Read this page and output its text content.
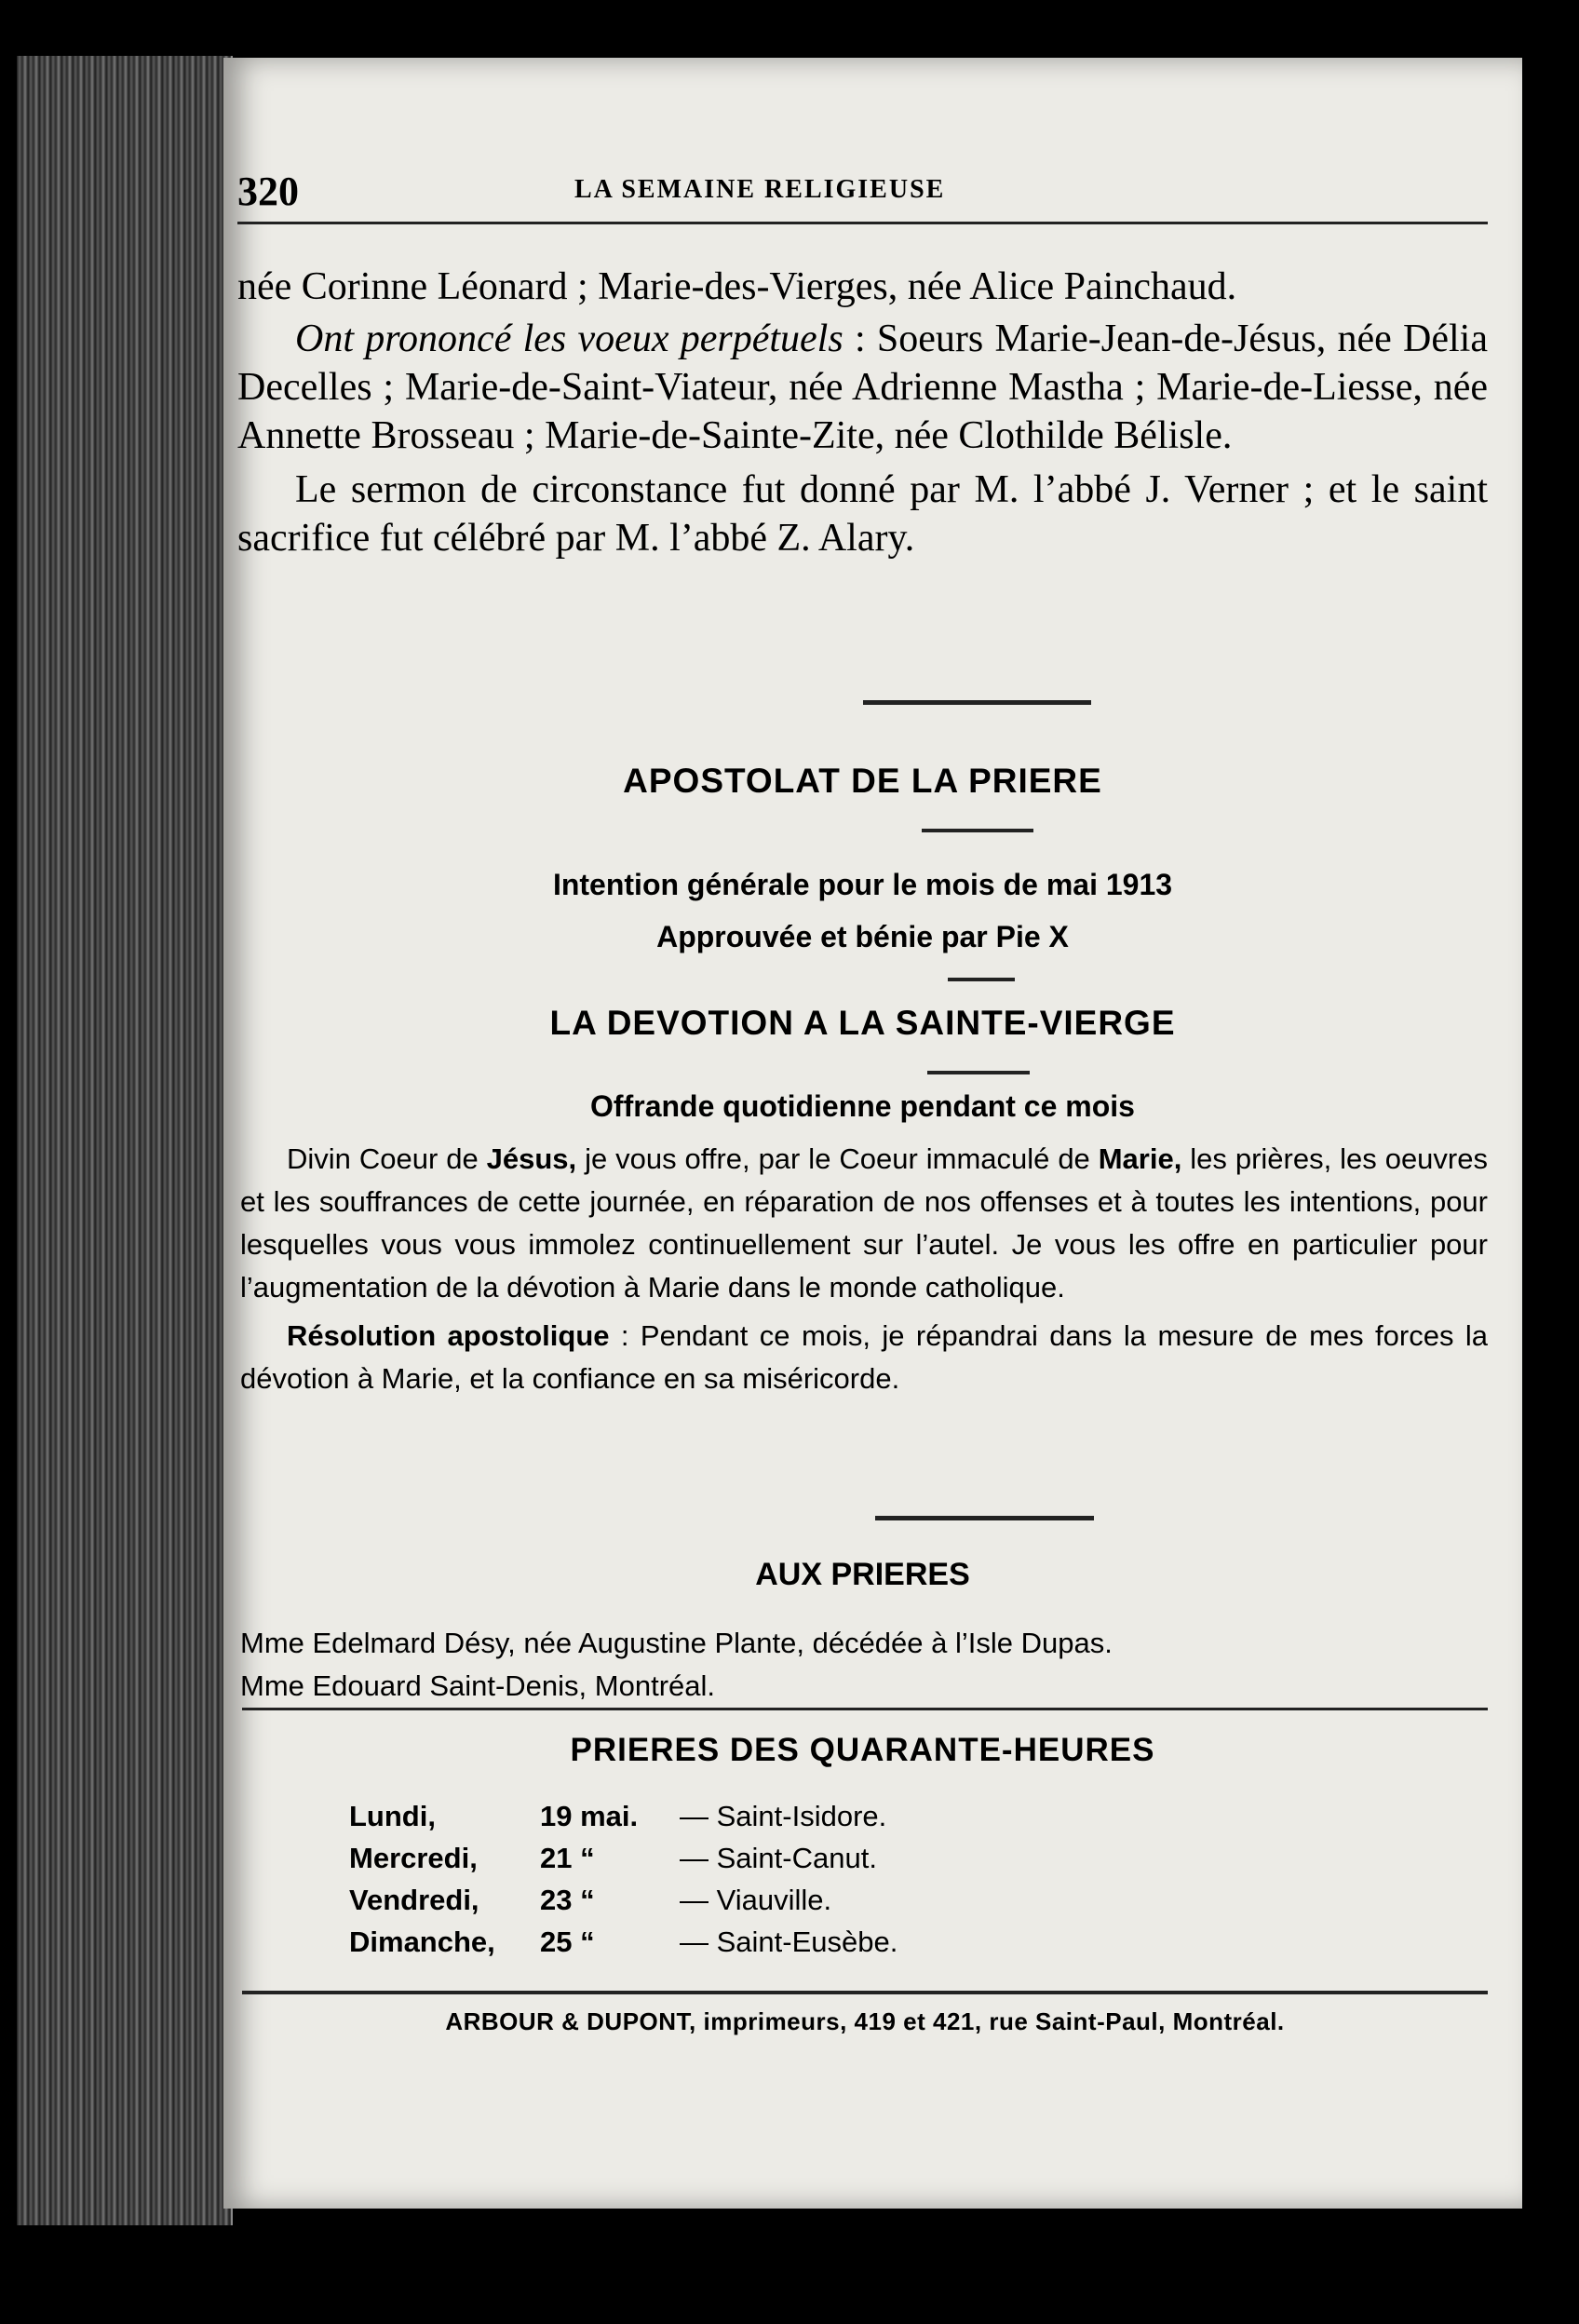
320	LA SEMAINE RELIGIEUSE

née Corinne Léonard ; Marie-des-Vierges, née Alice Painchaud.

Ont prononcé les voeux perpétuels : Soeurs Marie-Jean-de-Jésus, née Délia Decelles ; Marie-de-Saint-Viateur, née Adrienne Mastha ; Marie-de-Liesse, née Annette Brosseau ; Marie-de-Sainte-Zite, née Clothilde Bélisle.

Le sermon de circonstance fut donné par M. l’abbé J. Verner ; et le saint sacrifice fut célébré par M. l’abbé Z. Alary.

APOSTOLAT DE LA PRIERE
Intention générale pour le mois de mai 1913
Approuvée et bénie par Pie X
LA DEVOTION A LA SAINTE-VIERGE
Offrande quotidienne pendant ce mois

Divin Coeur de Jésus, je vous offre, par le Coeur immaculé de Marie, les prières, les oeuvres et les souffrances de cette journée, en réparation de nos offenses et à toutes les intentions, pour lesquelles vous vous immolez continuellement sur l’autel. Je vous les offre en particulier pour l’augmentation de la dévotion à Marie dans le monde catholique.

Résolution apostolique : Pendant ce mois, je répandrai dans la mesure de mes forces la dévotion à Marie, et la confiance en sa miséricorde.

AUX PRIERES
Mme Edelmard Désy, née Augustine Plante, décédée à l’Isle Dupas.
Mme Edouard Saint-Denis, Montréal.
PRIERES DES QUARANTE-HEURES
Lundi,	19 mai.	— Saint-Isidore.
Mercredi,	21 “	— Saint-Canut.
Vendredi,	23 “	— Viauville.
Dimanche,	25 “	— Saint-Eusèbe.
ARBOUR & DUPONT, imprimeurs, 419 et 421, rue Saint-Paul, Montréal.
